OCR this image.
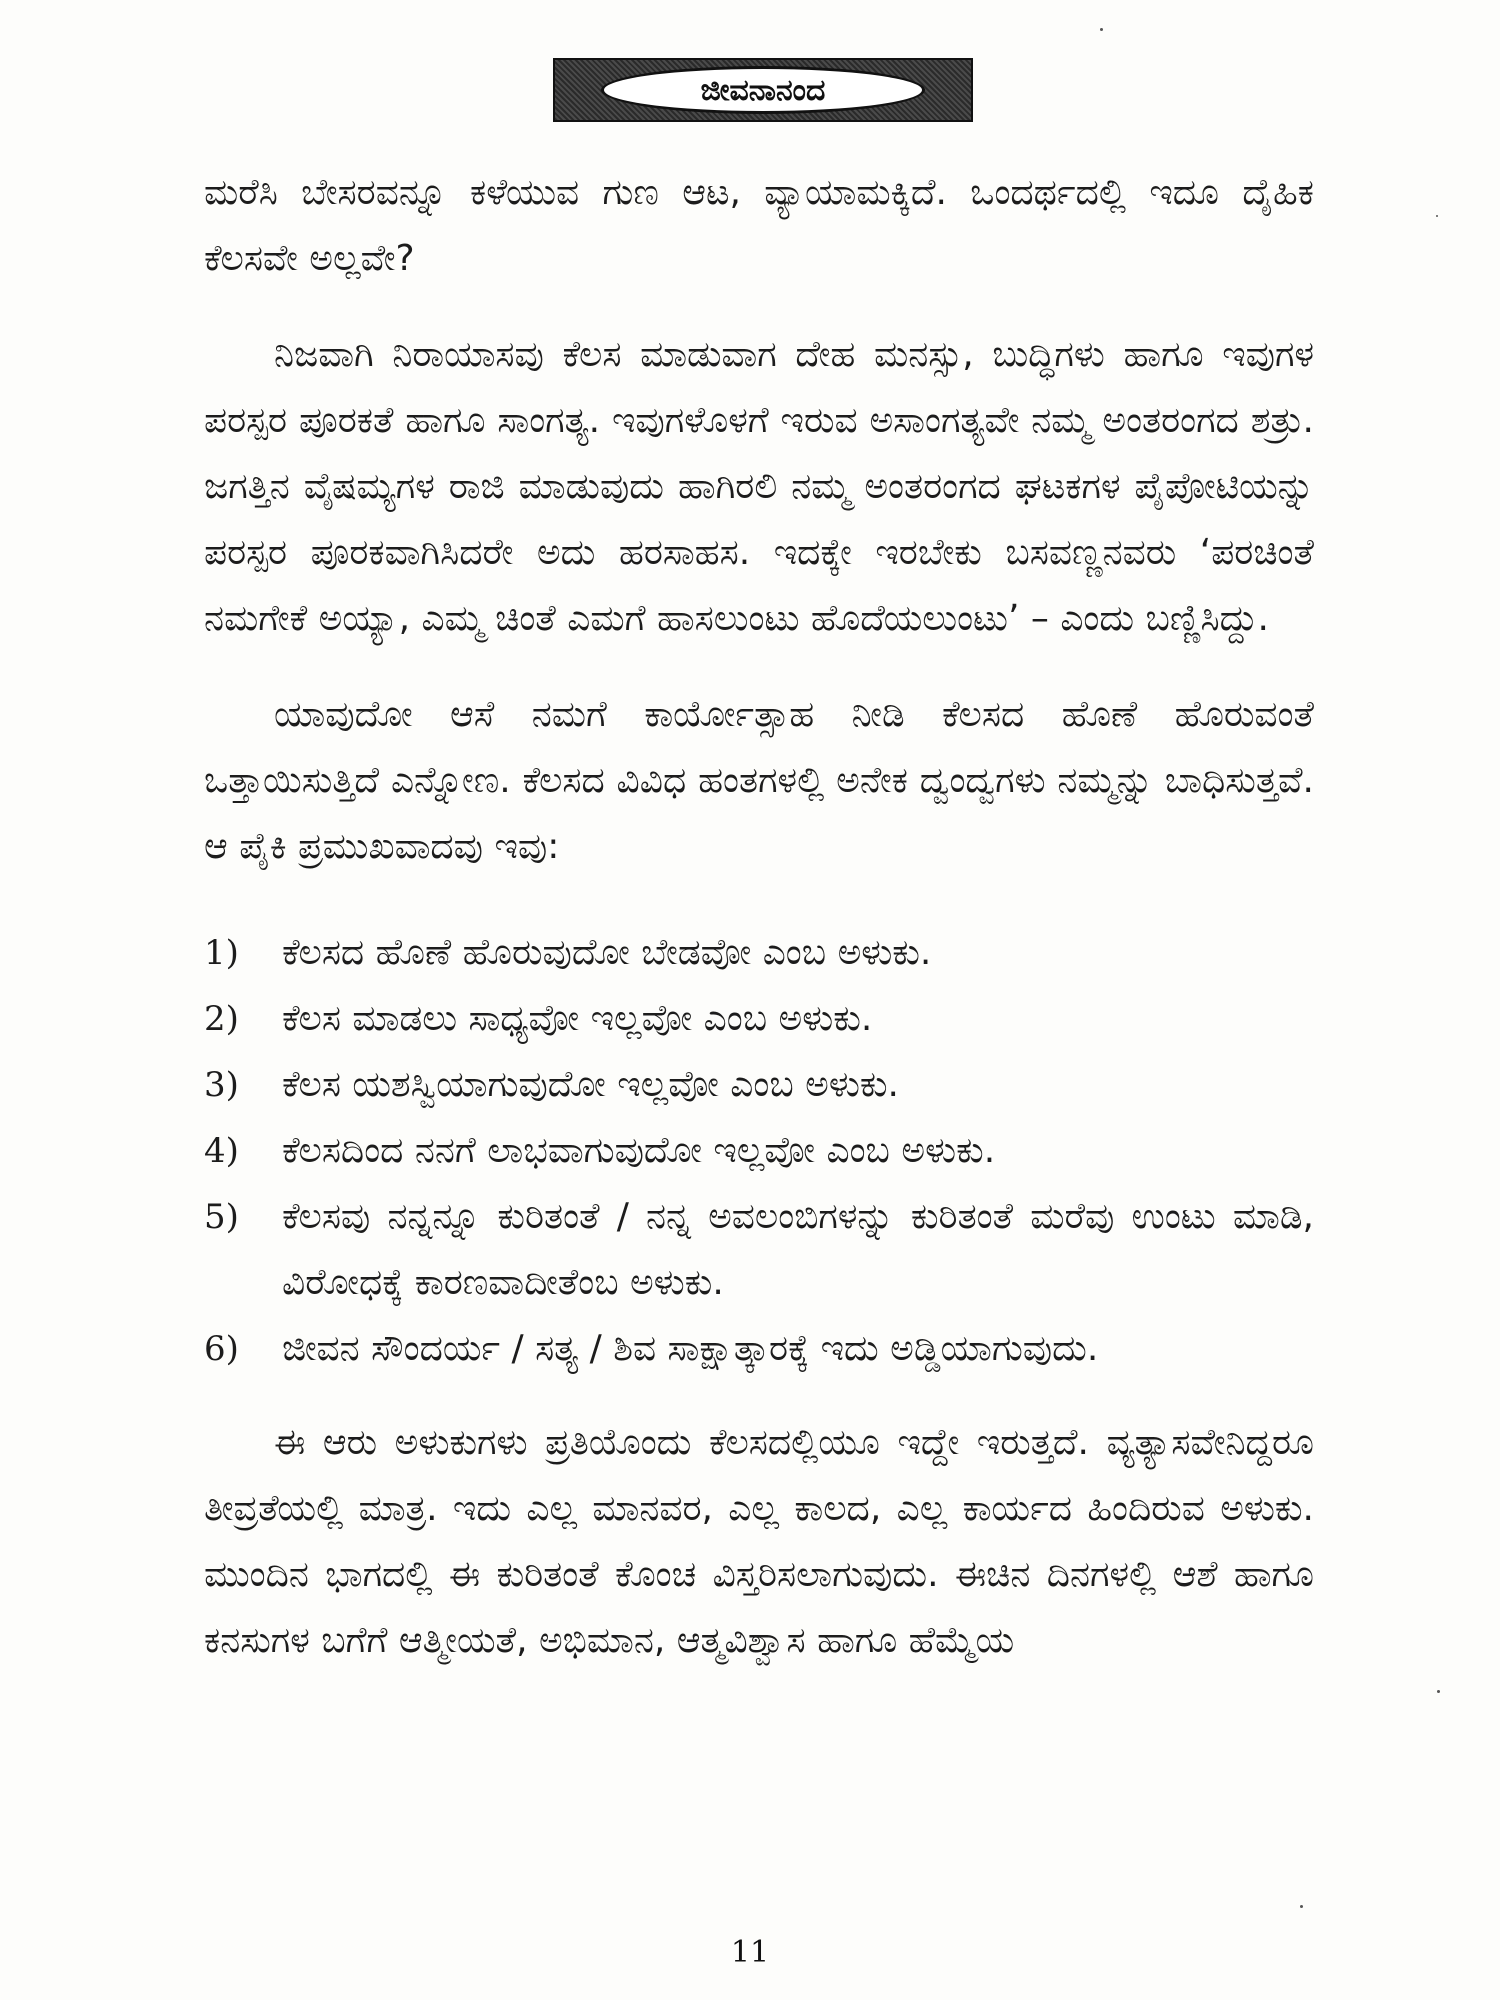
ಜೀವನಾನಂದ

ಮರೆಸಿ ಬೇಸರವನ್ನೂ ಕಳೆಯುವ ಗುಣ ಆಟ, ವ್ಯಾಯಾಮಕ್ಕಿದೆ. ಒಂದರ್ಥದಲ್ಲಿ ಇದೂ ದೈಹಿಕ ಕೆಲಸವೇ ಅಲ್ಲವೇ?

ನಿಜವಾಗಿ ನಿರಾಯಾಸವು ಕೆಲಸ ಮಾಡುವಾಗ ದೇಹ ಮನಸ್ಸು, ಬುದ್ಧಿಗಳು ಹಾಗೂ ಇವುಗಳ ಪರಸ್ಪರ ಪೂರಕತೆ ಹಾಗೂ ಸಾಂಗತ್ಯ. ಇವುಗಳೊಳಗೆ ಇರುವ ಅಸಾಂಗತ್ಯವೇ ನಮ್ಮ ಅಂತರಂಗದ ಶತ್ರು. ಜಗತ್ತಿನ ವೈಷಮ್ಯಗಳ ರಾಜಿ ಮಾಡುವುದು ಹಾಗಿರಲಿ ನಮ್ಮ ಅಂತರಂಗದ ಘಟಕಗಳ ಪೈಪೋಟಿಯನ್ನು ಪರಸ್ಪರ ಪೂರಕವಾಗಿಸಿದರೇ ಅದು ಹರಸಾಹಸ. ಇದಕ್ಕೇ ಇರಬೇಕು ಬಸವಣ್ಣನವರು ‘ಪರಚಿಂತೆ ನಮಗೇಕೆ ಅಯ್ಯಾ, ಎಮ್ಮ ಚಿಂತೆ ಎಮಗೆ ಹಾಸಲುಂಟು ಹೊದೆಯಲುಂಟು’ – ಎಂದು ಬಣ್ಣಿಸಿದ್ದು.

ಯಾವುದೋ ಆಸೆ ನಮಗೆ ಕಾರ್ಯೋತ್ಸಾಹ ನೀಡಿ ಕೆಲಸದ ಹೊಣೆ ಹೊರುವಂತೆ ಒತ್ತಾಯಿಸುತ್ತಿದೆ ಎನ್ನೋಣ. ಕೆಲಸದ ವಿವಿಧ ಹಂತಗಳಲ್ಲಿ ಅನೇಕ ದ್ವಂದ್ವಗಳು ನಮ್ಮನ್ನು ಬಾಧಿಸುತ್ತವೆ. ಆ ಪೈಕಿ ಪ್ರಮುಖವಾದವು ಇವು:

1)	ಕೆಲಸದ ಹೊಣೆ ಹೊರುವುದೋ ಬೇಡವೋ ಎಂಬ ಅಳುಕು.
2)	ಕೆಲಸ ಮಾಡಲು ಸಾಧ್ಯವೋ ಇಲ್ಲವೋ ಎಂಬ ಅಳುಕು.
3)	ಕೆಲಸ ಯಶಸ್ವಿಯಾಗುವುದೋ ಇಲ್ಲವೋ ಎಂಬ ಅಳುಕು.
4)	ಕೆಲಸದಿಂದ ನನಗೆ ಲಾಭವಾಗುವುದೋ ಇಲ್ಲವೋ ಎಂಬ ಅಳುಕು.
5)	ಕೆಲಸವು ನನ್ನನ್ನೂ ಕುರಿತಂತೆ / ನನ್ನ ಅವಲಂಬಿಗಳನ್ನು ಕುರಿತಂತೆ ಮರೆವು ಉಂಟು ಮಾಡಿ, ವಿರೋಧಕ್ಕೆ ಕಾರಣವಾದೀತೆಂಬ ಅಳುಕು.
6)	ಜೀವನ ಸೌಂದರ್ಯ / ಸತ್ಯ / ಶಿವ ಸಾಕ್ಷಾತ್ಕಾರಕ್ಕೆ ಇದು ಅಡ್ಡಿಯಾಗುವುದು.

ಈ ಆರು ಅಳುಕುಗಳು ಪ್ರತಿಯೊಂದು ಕೆಲಸದಲ್ಲಿಯೂ ಇದ್ದೇ ಇರುತ್ತದೆ. ವ್ಯತ್ಯಾಸವೇನಿದ್ದರೂ ತೀವ್ರತೆಯಲ್ಲಿ ಮಾತ್ರ. ಇದು ಎಲ್ಲ ಮಾನವರ, ಎಲ್ಲ ಕಾಲದ, ಎಲ್ಲ ಕಾರ್ಯದ ಹಿಂದಿರುವ ಅಳುಕು. ಮುಂದಿನ ಭಾಗದಲ್ಲಿ ಈ ಕುರಿತಂತೆ ಕೊಂಚ ವಿಸ್ತರಿಸಲಾಗುವುದು. ಈಚಿನ ದಿನಗಳಲ್ಲಿ ಆಶೆ ಹಾಗೂ ಕನಸುಗಳ ಬಗೆಗೆ ಆತ್ಮೀಯತೆ, ಅಭಿಮಾನ, ಆತ್ಮವಿಶ್ವಾಸ ಹಾಗೂ ಹೆಮ್ಮೆಯ

11
